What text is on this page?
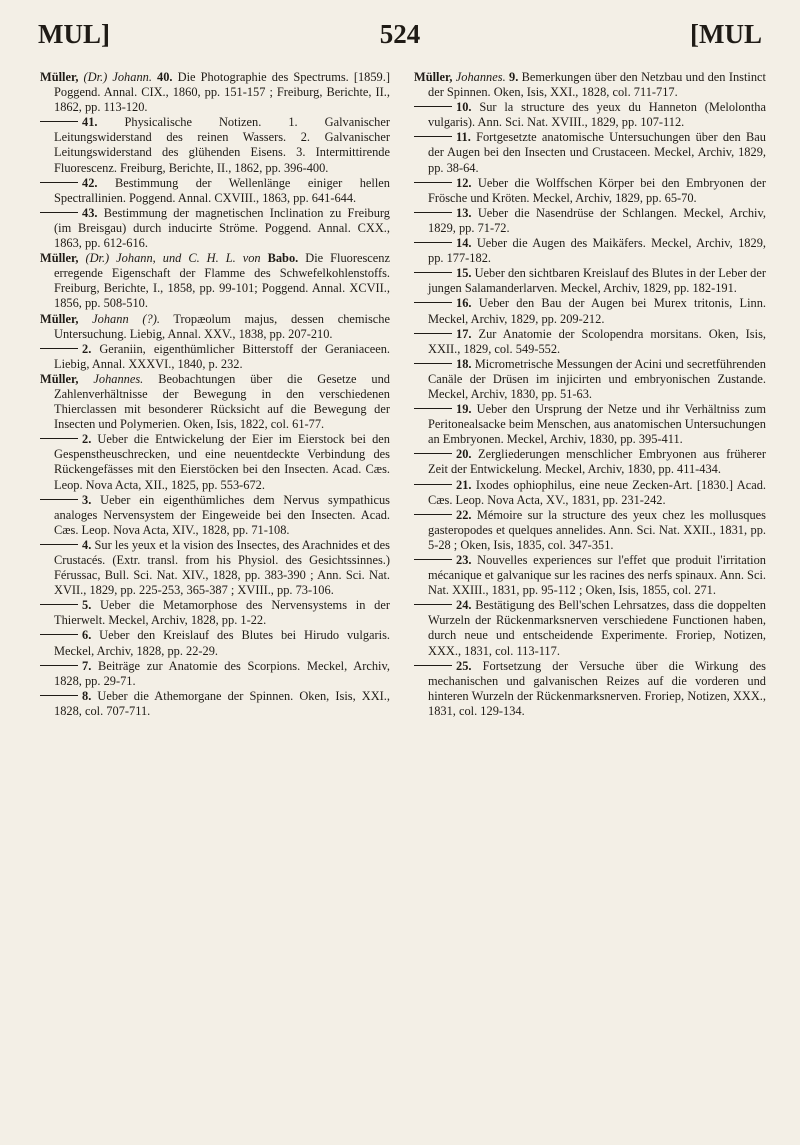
MUL]	524	[MUL

Müller, (Dr.) Johann. 40. Die Photographie des Spectrums. [1859.] Poggend. Annal. CIX., 1860, pp. 151-157 ; Freiburg, Berichte, II., 1862, pp. 113-120.

41. Physicalische Notizen. 1. Galvanischer Leitungswiderstand des reinen Wassers. 2. Galvanischer Leitungswiderstand des glühenden Eisens. 3. Intermittirende Fluorescenz. Freiburg, Berichte, II., 1862, pp. 396-400.

42. Bestimmung der Wellenlänge einiger hellen Spectrallinien. Poggend. Annal. CXVIII., 1863, pp. 641-644.

43. Bestimmung der magnetischen Inclination zu Freiburg (im Breisgau) durch inducirte Ströme. Poggend. Annal. CXX., 1863, pp. 612-616.

Müller, (Dr.) Johann, und C. H. L. von Babo. Die Fluorescenz erregende Eigenschaft der Flamme des Schwefelkohlenstoffs. Freiburg, Berichte, I., 1858, pp. 99-101; Poggend. Annal. XCVII., 1856, pp. 508-510.

Müller, Johann (?). Tropæolum majus, dessen chemische Untersuchung. Liebig, Annal. XXV., 1838, pp. 207-210.

2. Geraniin, eigenthümlicher Bitterstoff der Geraniaceen. Liebig, Annal. XXXVI., 1840, p. 232.

Müller, Johannes. Beobachtungen über die Gesetze und Zahlenverhältnisse der Bewegung in den verschiedenen Thierclassen mit besonderer Rücksicht auf die Bewegung der Insecten und Polymerien. Oken, Isis, 1822, col. 61-77.

2. Ueber die Entwickelung der Eier im Eierstock bei den Gespenstheuschrecken, und eine neuentdeckte Verbindung des Rückengefässes mit den Eierstöcken bei den Insecten. Acad. Cæs. Leop. Nova Acta, XII., 1825, pp. 553-672.

3. Ueber ein eigenthümliches dem Nervus sympathicus analoges Nervensystem der Eingeweide bei den Insecten. Acad. Cæs. Leop. Nova Acta, XIV., 1828, pp. 71-108.

4. Sur les yeux et la vision des Insectes, des Arachnides et des Crustacés. (Extr. transl. from his Physiol. des Gesichtssinnes.) Férussac, Bull. Sci. Nat. XIV., 1828, pp. 383-390 ; Ann. Sci. Nat. XVII., 1829, pp. 225-253, 365-387 ; XVIII., pp. 73-106.

5. Ueber die Metamorphose des Nervensystems in der Thierwelt. Meckel, Archiv, 1828, pp. 1-22.

6. Ueber den Kreislauf des Blutes bei Hirudo vulgaris. Meckel, Archiv, 1828, pp. 22-29.

7. Beiträge zur Anatomie des Scorpions. Meckel, Archiv, 1828, pp. 29-71.

8. Ueber die Athemorgane der Spinnen. Oken, Isis, XXI., 1828, col. 707-711.

Müller, Johannes. 9. Bemerkungen über den Netzbau und den Instinct der Spinnen. Oken, Isis, XXI., 1828, col. 711-717.

10. Sur la structure des yeux du Hanneton (Melolontha vulgaris). Ann. Sci. Nat. XVIII., 1829, pp. 107-112.

11. Fortgesetzte anatomische Untersuchungen über den Bau der Augen bei den Insecten und Crustaceen. Meckel, Archiv, 1829, pp. 38-64.

12. Ueber die Wolffschen Körper bei den Embryonen der Frösche und Kröten. Meckel, Archiv, 1829, pp. 65-70.

13. Ueber die Nasendrüse der Schlangen. Meckel, Archiv, 1829, pp. 71-72.

14. Ueber die Augen des Maikäfers. Meckel, Archiv, 1829, pp. 177-182.

15. Ueber den sichtbaren Kreislauf des Blutes in der Leber der jungen Salamanderlarven. Meckel, Archiv, 1829, pp. 182-191.

16. Ueber den Bau der Augen bei Murex tritonis, Linn. Meckel, Archiv, 1829, pp. 209-212.

17. Zur Anatomie der Scolopendra morsitans. Oken, Isis, XXII., 1829, col. 549-552.

18. Micrometrische Messungen der Acini und secretführenden Canäle der Drüsen im injicirten und embryonischen Zustande. Meckel, Archiv, 1830, pp. 51-63.

19. Ueber den Ursprung der Netze und ihr Verhältniss zum Peritonealsacke beim Menschen, aus anatomischen Untersuchungen an Embryonen. Meckel, Archiv, 1830, pp. 395-411.

20. Zergliederungen menschlicher Embryonen aus früherer Zeit der Entwickelung. Meckel, Archiv, 1830, pp. 411-434.

21. Ixodes ophiophilus, eine neue Zecken-Art. [1830.] Acad. Cæs. Leop. Nova Acta, XV., 1831, pp. 231-242.

22. Mémoire sur la structure des yeux chez les mollusques gasteropodes et quelques annelides. Ann. Sci. Nat. XXII., 1831, pp. 5-28 ; Oken, Isis, 1835, col. 347-351.

23. Nouvelles experiences sur l'effet que produit l'irritation mécanique et galvanique sur les racines des nerfs spinaux. Ann. Sci. Nat. XXIII., 1831, pp. 95-112 ; Oken, Isis, 1855, col. 271.

24. Bestätigung des Bell'schen Lehrsatzes, dass die doppelten Wurzeln der Rückenmarksnerven verschiedene Functionen haben, durch neue und entscheidende Experimente. Froriep, Notizen, XXX., 1831, col. 113-117.

25. Fortsetzung der Versuche über die Wirkung des mechanischen und galvanischen Reizes auf die vorderen und hinteren Wurzeln der Rückenmarksnerven. Froriep, Notizen, XXX., 1831, col. 129-134.
